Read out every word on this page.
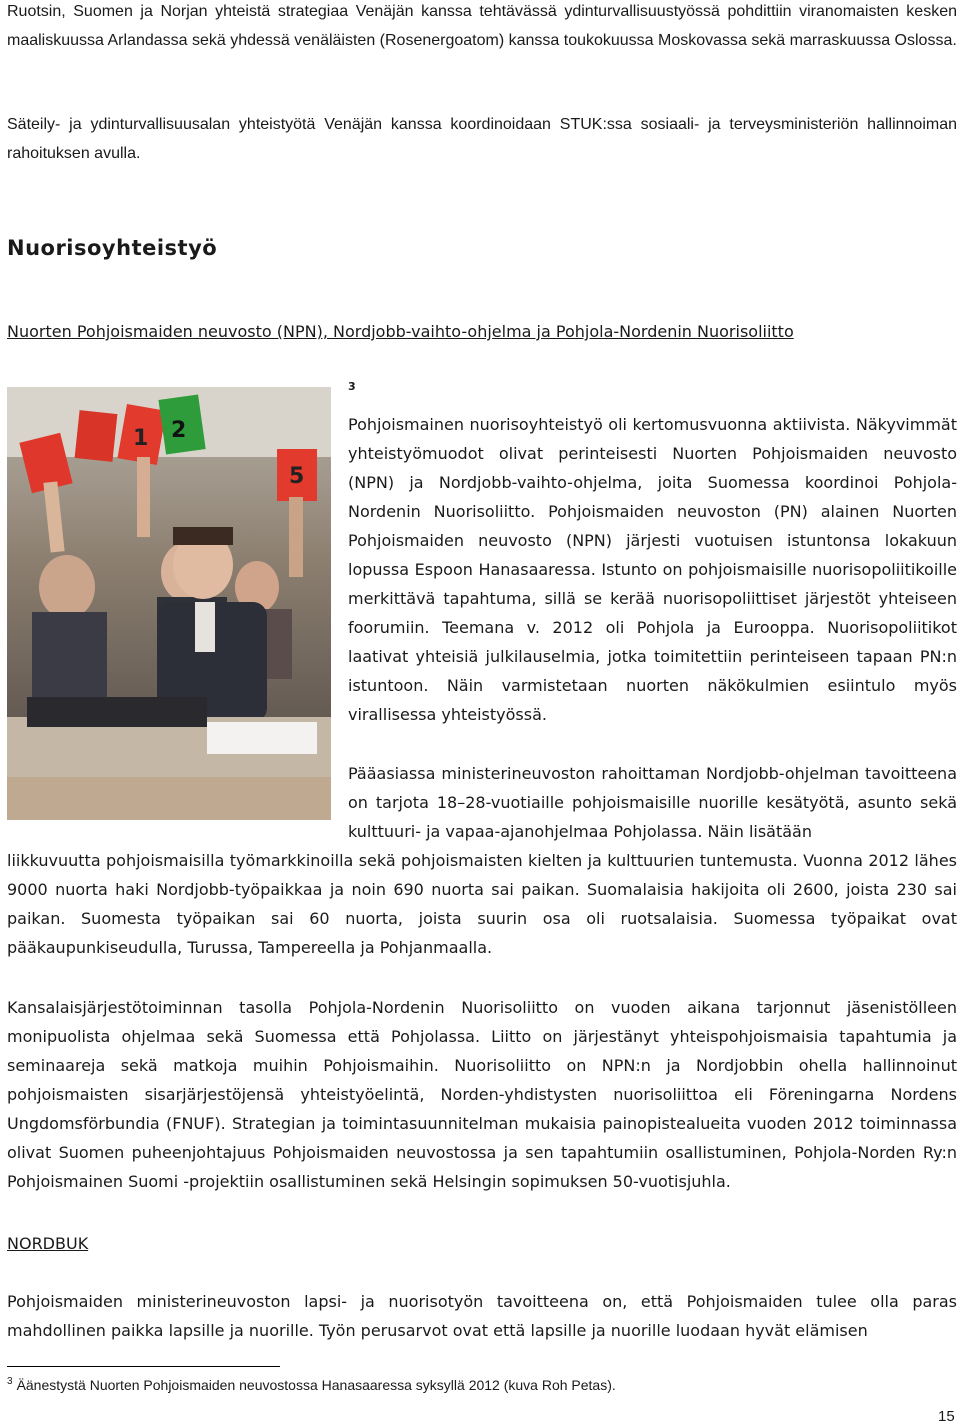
Ruotsin, Suomen ja Norjan yhteistä strategiaa Venäjän kanssa tehtävässä ydinturvallisuustyössä pohdittiin viranomaisten kesken maaliskuussa Arlandassa sekä yhdessä venäläisten (Rosenergoatom) kanssa toukokuussa Moskovassa sekä marraskuussa Oslossa.

Säteily- ja ydinturvallisuusalan yhteistyötä Venäjän kanssa koordinoidaan STUK:ssa sosiaali- ja terveysministeriön hallinnoiman rahoituksen avulla.

Nuorisoyhteistyö

Nuorten Pohjoismaiden neuvosto (NPN), Nordjobb-vaihto-ohjelma ja Pohjola-Nordenin Nuorisoliitto

1 2
5
3

Pohjoismainen nuorisoyhteistyö oli kertomusvuonna aktiivista. Näkyvimmät yhteistyömuodot olivat perinteisesti Nuorten Pohjoismaiden neuvosto (NPN) ja Nordjobb-vaihto-ohjelma, joita Suomessa koordinoi Pohjola-Nordenin Nuorisoliitto. Pohjoismaiden neuvoston (PN) alainen Nuorten Pohjoismaiden neuvosto (NPN) järjesti vuotuisen istuntonsa lokakuun lopussa Espoon Hanasaaressa. Istunto on pohjoismaisille nuorisopoliitikoille merkittävä tapahtuma, sillä se kerää nuorisopoliittiset järjestöt yhteiseen foorumiin. Teemana v. 2012 oli Pohjola ja Eurooppa. Nuorisopoliitikot laativat yhteisiä julkilauselmia, jotka toimitettiin perinteiseen tapaan PN:n istuntoon. Näin varmistetaan nuorten näkökulmien esiintulo myös virallisessa yhteistyössä.

Pääasiassa ministerineuvoston rahoittaman Nordjobb-ohjelman tavoitteena on tarjota 18–28-vuotiaille pohjoismaisille nuorille kesätyötä, asunto sekä kulttuuri- ja vapaa-ajanohjelmaa Pohjolassa. Näin lisätään

liikkuvuutta pohjoismaisilla työmarkkinoilla sekä pohjoismaisten kielten ja kulttuurien tuntemusta. Vuonna 2012 lähes 9000 nuorta haki Nordjobb-työpaikkaa ja noin 690 nuorta sai paikan. Suomalaisia hakijoita oli 2600, joista 230 sai paikan. Suomesta työpaikan sai 60 nuorta, joista suurin osa oli ruotsalaisia. Suomessa työpaikat ovat pääkaupunkiseudulla, Turussa, Tampereella ja Pohjanmaalla.

Kansalaisjärjestötoiminnan tasolla Pohjola-Nordenin Nuorisoliitto on vuoden aikana tarjonnut jäsenistölleen monipuolista ohjelmaa sekä Suomessa että Pohjolassa. Liitto on järjestänyt yhteispohjoismaisia tapahtumia ja seminaareja sekä matkoja muihin Pohjoismaihin. Nuorisoliitto on NPN:n ja Nordjobbin ohella hallinnoinut pohjoismaisten sisarjärjestöjensä yhteistyöelintä, Norden-yhdistysten nuorisoliittoa eli Föreningarna Nordens Ungdomsförbundia (FNUF). Strategian ja toimintasuunnitelman mukaisia painopistealueita vuoden 2012 toiminnassa olivat Suomen puheenjohtajuus Pohjoismaiden neuvostossa ja sen tapahtumiin osallistuminen, Pohjola-Norden Ry:n Pohjoismainen Suomi -projektiin osallistuminen sekä Helsingin sopimuksen 50-vuotisjuhla.

NORDBUK

Pohjoismaiden ministerineuvoston lapsi- ja nuorisotyön tavoitteena on, että Pohjoismaiden tulee olla paras mahdollinen paikka lapsille ja nuorille. Työn perusarvot ovat että lapsille ja nuorille luodaan hyvät elämisen

$^3$ Äänestystä Nuorten Pohjoismaiden neuvostossa Hanasaaressa syksyllä 2012 (kuva Roh Petas).
15
